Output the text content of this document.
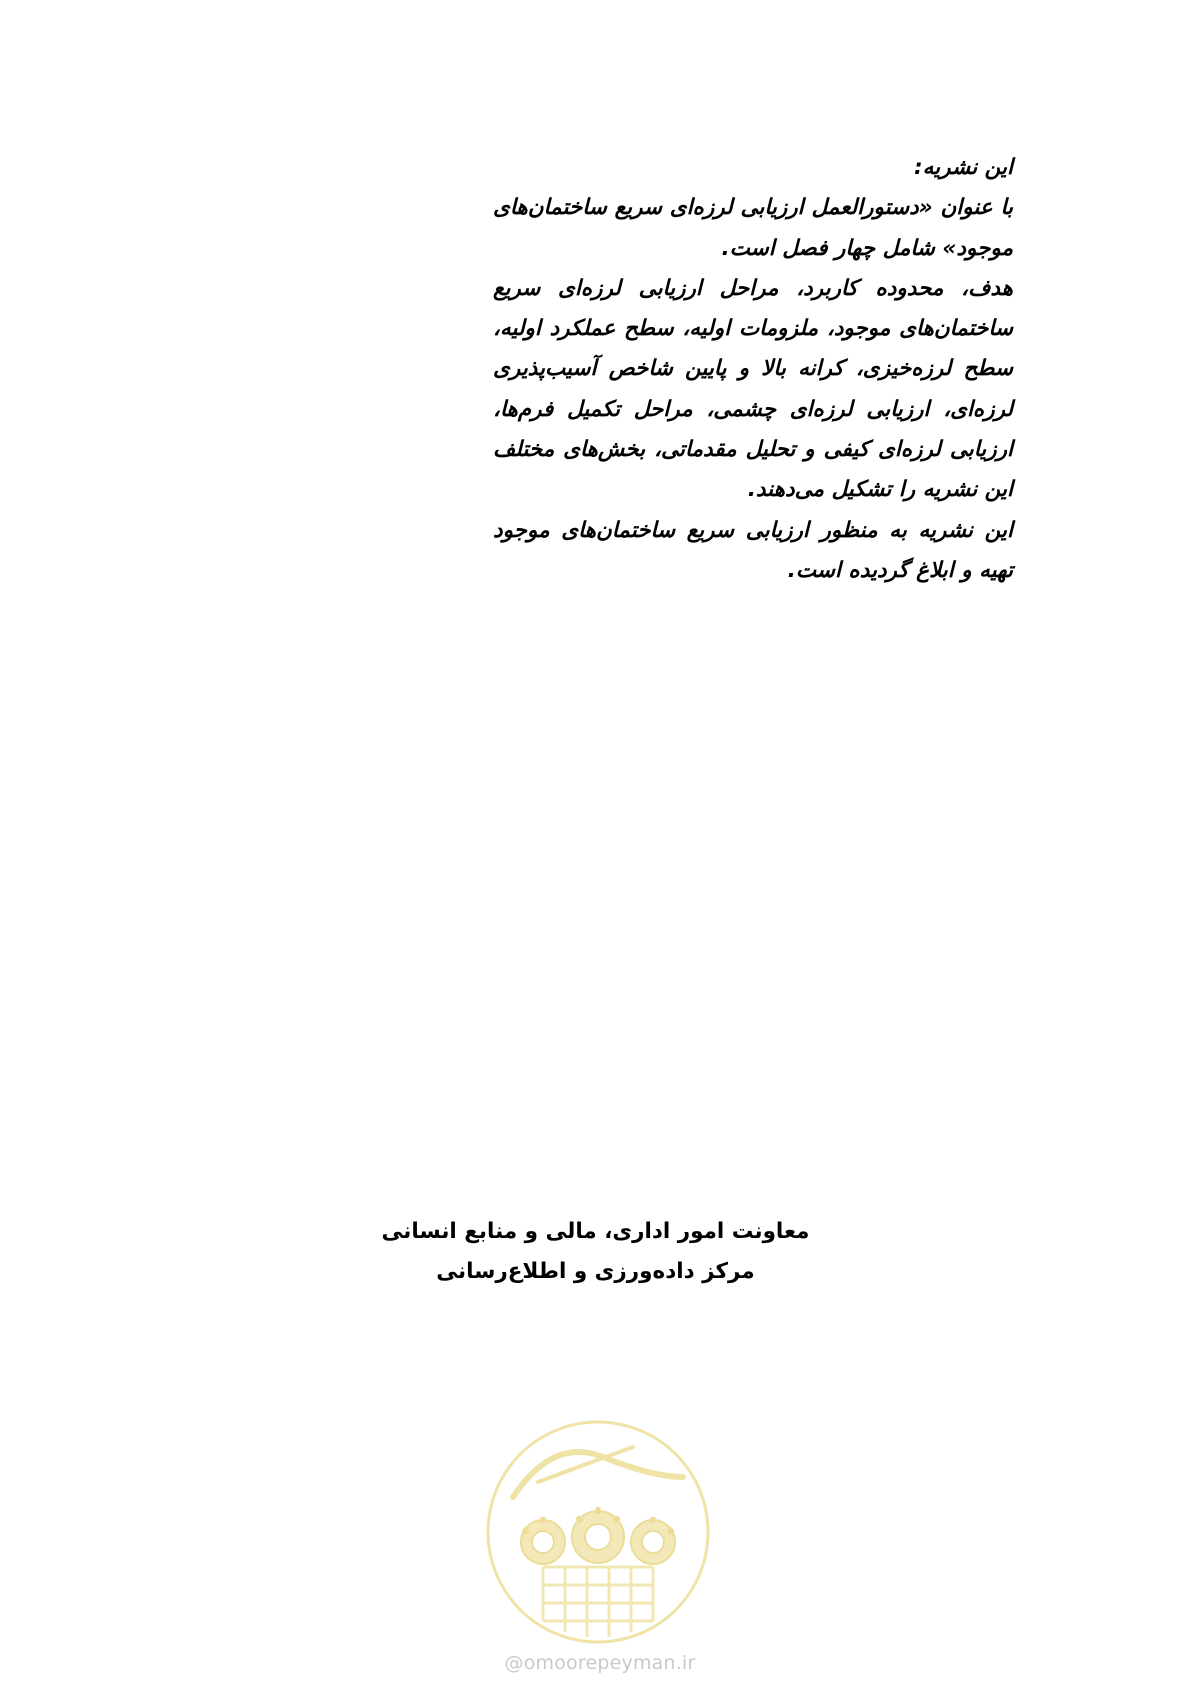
این نشریه:

با عنوان «دستورالعمل ارزیابی لرزه‌ای سریع ساختمان‌های موجود» شامل چهار فصل است.

هدف، محدوده کاربرد، مراحل ارزیابی لرزه‌ای سریع ساختمان‌های موجود، ملزومات اولیه، سطح عملکرد اولیه، سطح لرزه‌خیزی، کرانه بالا و پایین شاخص آسیب‌پذیری لرزه‌ای، ارزیابی لرزه‌ای چشمی، مراحل تکمیل فرم‌ها، ارزیابی لرزه‌ای کیفی و تحلیل مقدماتی، بخش‌های مختلف این نشریه را تشکیل می‌دهند.

این نشریه به منظور ارزیابی سریع ساختمان‌های موجود تهیه و ابلاغ گردیده است.

معاونت امور اداری، مالی و منابع انسانی

مرکز داده‌ورزی و اطلاع‌رسانی

@omoorepeyman.ir
